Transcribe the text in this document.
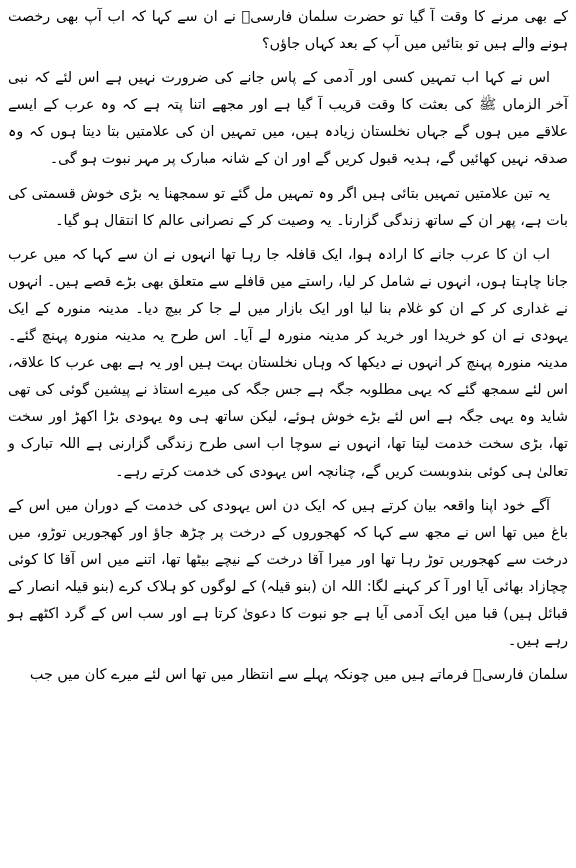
کے بھی مرنے کا وقت آ گیا تو حضرت سلمان فارسیؓ نے ان سے کہا کہ اب آپ بھی رخصت ہونے والے ہیں تو بتائیں میں آپ کے بعد کہاں جاؤں؟

اس نے کہا اب تمہیں کسی اور آدمی کے پاس جانے کی ضرورت نہیں ہے اس لئے کہ نبی آخر الزماں ﷺ کی بعثت کا وقت قریب آ گیا ہے اور مجھے اتنا پتہ ہے کہ وہ عرب کے ایسے علاقے میں ہوں گے جہاں نخلستان زیادہ ہیں، میں تمہیں ان کی علامتیں بتا دیتا ہوں کہ وہ صدقہ نہیں کھائیں گے، ہدیہ قبول کریں گے اور ان کے شانہ مبارک پر مہر نبوت ہو گی۔

یہ تین علامتیں تمہیں بتائی ہیں اگر وہ تمہیں مل گئے تو سمجھنا یہ بڑی خوش قسمتی کی بات ہے، پھر ان کے ساتھ زندگی گزارنا۔ یہ وصیت کر کے نصرانی عالم کا انتقال ہو گیا۔

اب ان کا عرب جانے کا ارادہ ہوا، ایک قافلہ جا رہا تھا انہوں نے ان سے کہا کہ میں عرب جانا چاہتا ہوں، انہوں نے شامل کر لیا، راستے میں قافلے سے متعلق بھی بڑے قصے ہیں۔ انہوں نے غداری کر کے ان کو غلام بنا لیا اور ایک بازار میں لے جا کر بیچ دیا۔ مدینہ منورہ کے ایک یہودی نے ان کو خریدا اور خرید کر مدینہ منورہ لے آیا۔ اس طرح یہ مدینہ منورہ پہنچ گئے۔ مدینہ منورہ پہنچ کر انہوں نے دیکھا کہ وہاں نخلستان بہت ہیں اور یہ ہے بھی عرب کا علاقہ، اس لئے سمجھ گئے کہ یہی مطلوبہ جگہ ہے جس جگہ کی میرے استاذ نے پیشین گوئی کی تھی شاید وہ یہی جگہ ہے اس لئے بڑے خوش ہوئے، لیکن ساتھ ہی وہ یہودی بڑا اکھڑ اور سخت تھا، بڑی سخت خدمت لیتا تھا، انہوں نے سوچا اب اسی طرح زندگی گزارنی ہے اللہ تبارک و تعالیٰ ہی کوئی بندوبست کریں گے، چنانچہ اس یہودی کی خدمت کرتے رہے۔

آگے خود اپنا واقعہ بیان کرتے ہیں کہ ایک دن اس یہودی کی خدمت کے دوران میں اس کے باغ میں تھا اس نے مجھ سے کہا کہ کھجوروں کے درخت پر چڑھ جاؤ اور کھجوریں توڑو، میں درخت سے کھجوریں توڑ رہا تھا اور میرا آقا درخت کے نیچے بیٹھا تھا، اتنے میں اس آقا کا کوئی چچازاد بھائی آیا اور آ کر کہنے لگا: اللہ ان (بنو قیلہ) کے لوگوں کو ہلاک کرے (بنو قیلہ انصار کے قبائل ہیں) قبا میں ایک آدمی آیا ہے جو نبوت کا دعویٰ کرتا ہے اور سب اس کے گرد اکٹھے ہو رہے ہیں۔

سلمان فارسیؓ فرماتے ہیں میں چونکہ پہلے سے انتظار میں تھا اس لئے میرے کان میں جب
